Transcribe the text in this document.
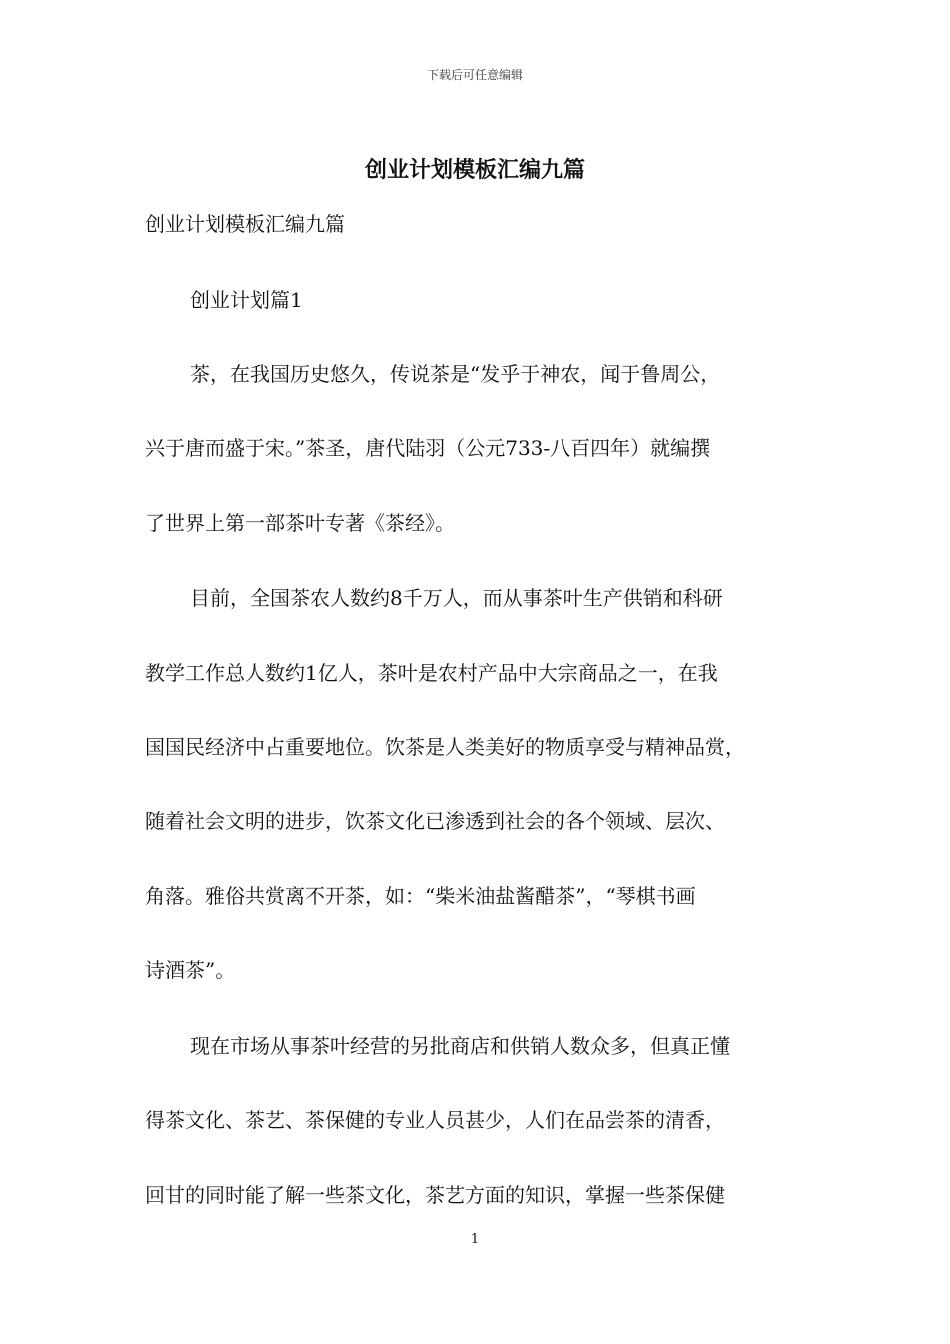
下载后可任意编辑
创业计划模板汇编九篇
创业计划模板汇编九篇
创业计划篇1
茶，在我国历史悠久，传说茶是“发乎于神农，闻于鲁周公，
兴于唐而盛于宋。”茶圣，唐代陆羽（公元733-八百四年）就编撰
了世界上第一部茶叶专著《茶经》。
目前，全国茶农人数约8千万人，而从事茶叶生产供销和科研
教学工作总人数约1亿人，茶叶是农村产品中大宗商品之一，在我
国国民经济中占重要地位。饮茶是人类美好的物质享受与精神品赏，
随着社会文明的进步，饮茶文化已渗透到社会的各个领域、层次、
角落。雅俗共赏离不开茶，如：“柴米油盐酱醋茶”，“琴棋书画
诗酒茶”。
现在市场从事茶叶经营的另批商店和供销人数众多，但真正懂
得茶文化、茶艺、茶保健的专业人员甚少，人们在品尝茶的清香，
回甘的同时能了解一些茶文化，茶艺方面的知识，掌握一些茶保健
1
